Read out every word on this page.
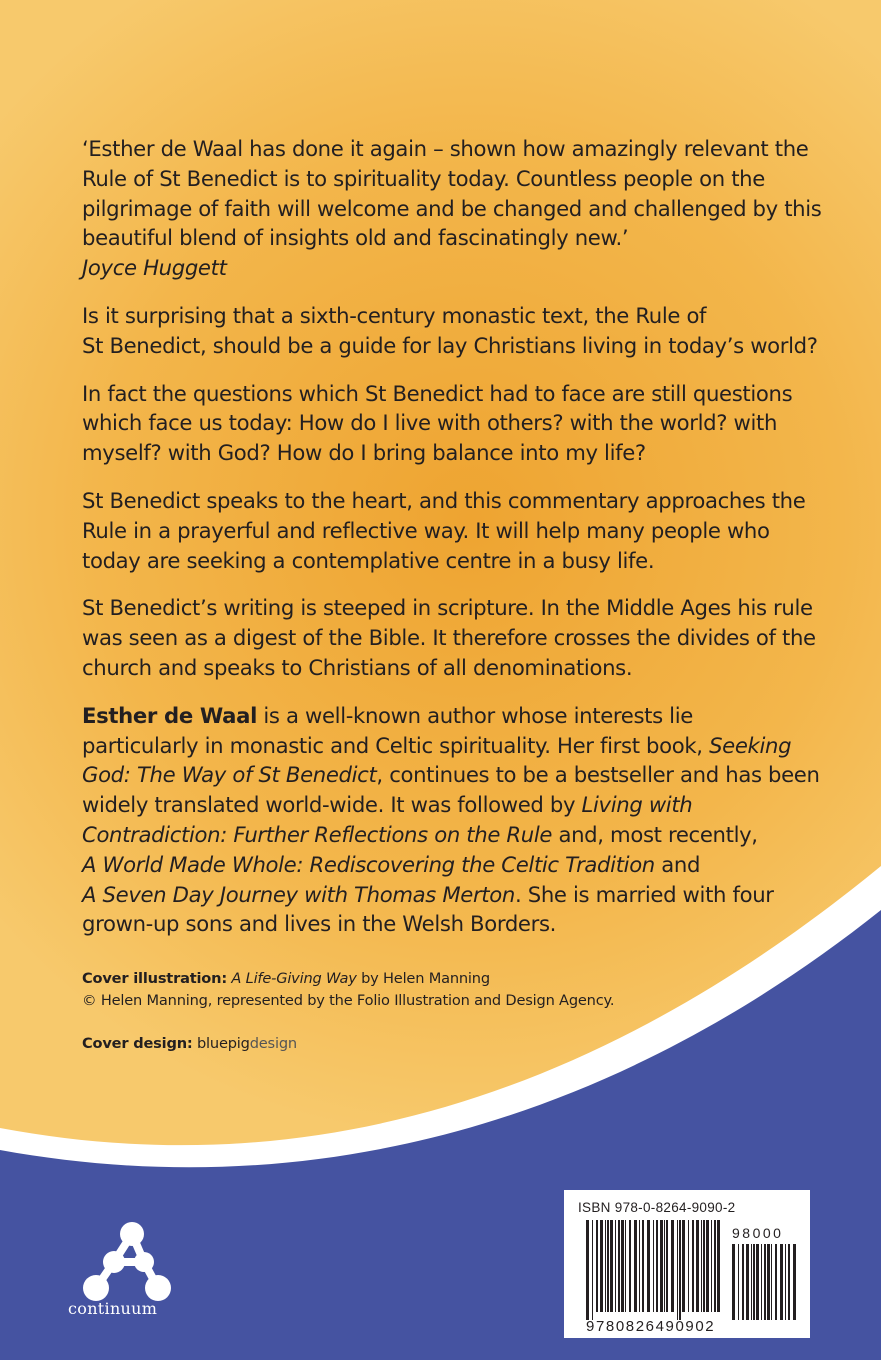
‘Esther de Waal has done it again – shown how amazingly relevant the
Rule of St Benedict is to spirituality today. Countless people on the
pilgrimage of faith will welcome and be changed and challenged by this
beautiful blend of insights old and fascinatingly new.’
Joyce Huggett
Is it surprising that a sixth-century monastic text, the Rule of
St Benedict, should be a guide for lay Christians living in today’s world?
In fact the questions which St Benedict had to face are still questions
which face us today: How do I live with others? with the world? with
myself? with God? How do I bring balance into my life?
St Benedict speaks to the heart, and this commentary approaches the
Rule in a prayerful and reflective way. It will help many people who
today are seeking a contemplative centre in a busy life.
St Benedict’s writing is steeped in scripture. In the Middle Ages his rule
was seen as a digest of the Bible. It therefore crosses the divides of the
church and speaks to Christians of all denominations.
Esther de Waal is a well-known author whose interests lie
particularly in monastic and Celtic spirituality. Her first book, Seeking
God: The Way of St Benedict, continues to be a bestseller and has been
widely translated world-wide. It was followed by Living with
Contradiction: Further Reflections on the Rule and, most recently,
A World Made Whole: Rediscovering the Celtic Tradition and
A Seven Day Journey with Thomas Merton. She is married with four
grown-up sons and lives in the Welsh Borders.
Cover illustration: A Life-Giving Way by Helen Manning
© Helen Manning, represented by the Folio Illustration and Design Agency.
Cover design: bluepigdesign
continuum
ISBN 978-0-8264-9090-2
9780826490902
98000
